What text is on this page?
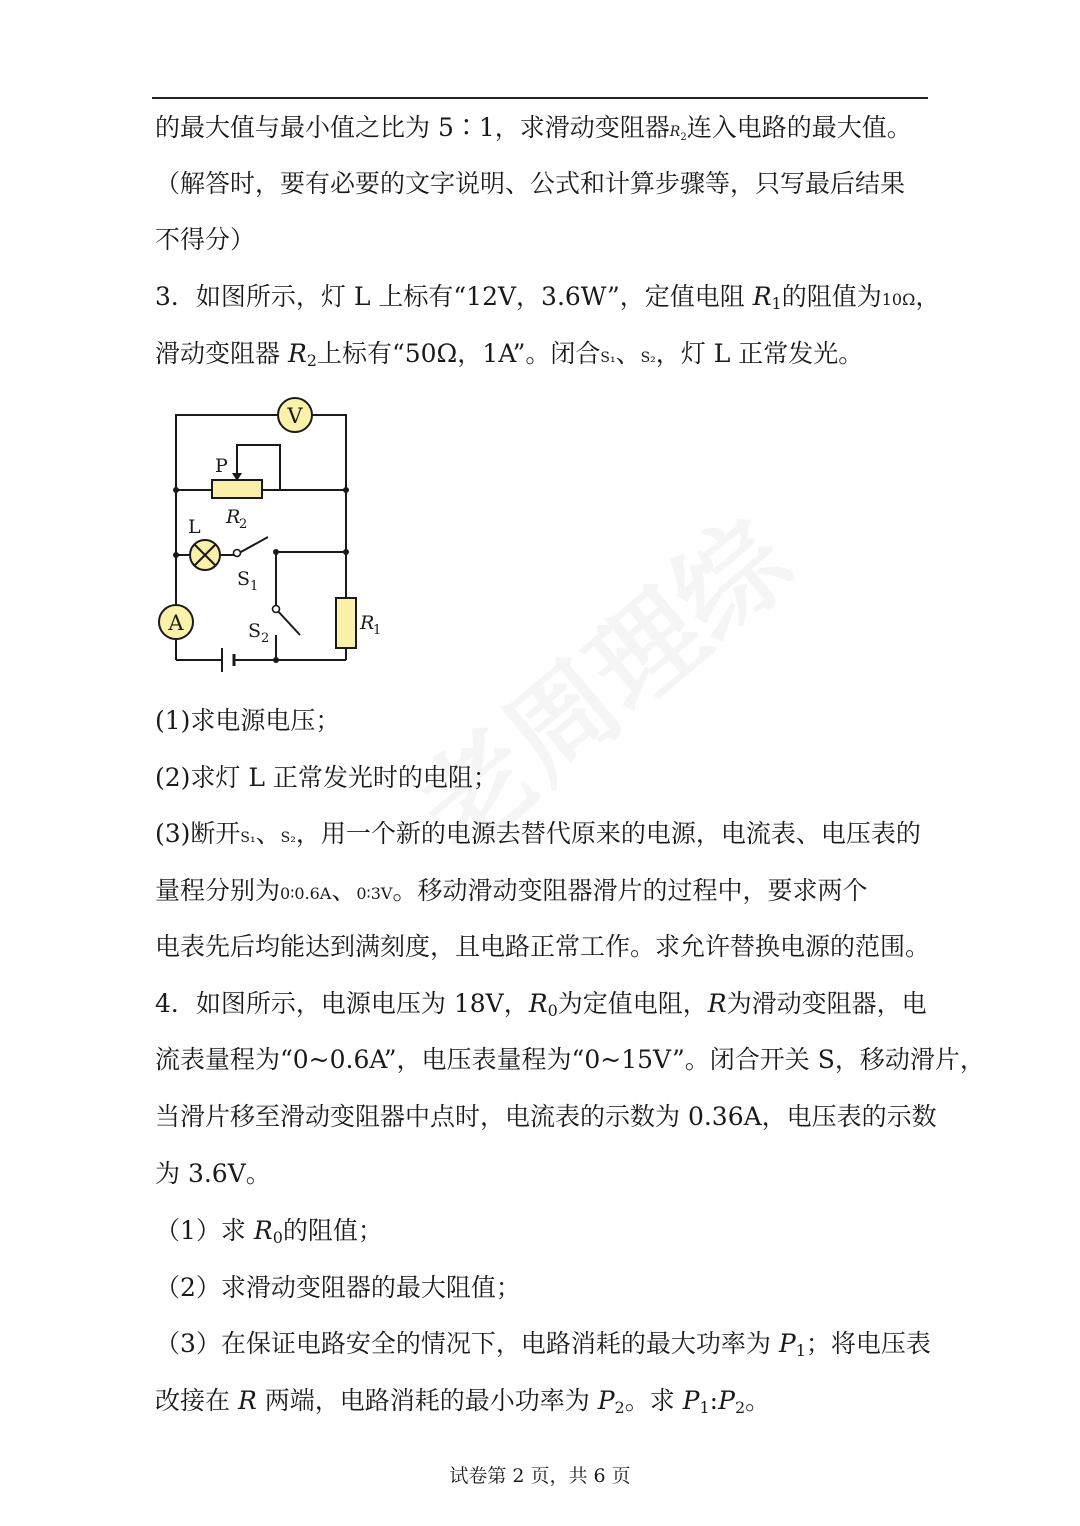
的最大值与最小值之比为 5∶1，求滑动变阻器$R_2$连入电路的最大值。
（解答时，要有必要的文字说明、公式和计算步骤等，只写最后结果
不得分）
3．如图所示，灯 L 上标有“12V，3.6W”，定值电阻 $R_1$的阻值为10Ω，
滑动变阻器 $R_2$上标有“50Ω，1A”。闭合S₁、S₂，灯 L 正常发光。
V
P
R
2
L
S 1
S 2
R
1
A
(1)求电源电压；
(2)求灯 L 正常发光时的电阻；
(3)断开S₁、S₂，用一个新的电源去替代原来的电源，电流表、电压表的
量程分别为0∶0.6A、0∶3V。移动滑动变阻器滑片的过程中，要求两个
电表先后均能达到满刻度，且电路正常工作。求允许替换电源的范围。
4．如图所示，电源电压为 18V，$R_0$为定值电阻，R为滑动变阻器，电
流表量程为“0~0.6A”，电压表量程为“0~15V”。闭合开关 S，移动滑片，
当滑片移至滑动变阻器中点时，电流表的示数为 0.36A，电压表的示数
为 3.6V。
（1）求 $R_0$的阻值；
（2）求滑动变阻器的最大阻值；
（3）在保证电路安全的情况下，电路消耗的最大功率为 $P_1$；将电压表
改接在 R 两端，电路消耗的最小功率为 $P_2$。求 $P_1:P_2$。
试卷第 2 页，共 6 页
